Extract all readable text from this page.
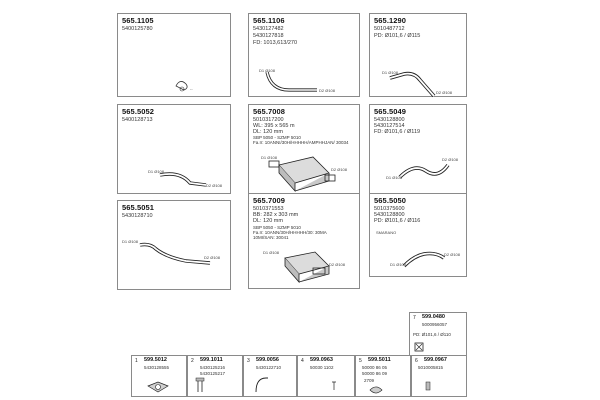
565.1105
5400125780
--
565.1106
5430127482
5430127818
FD: 1013,613/270
D1 Ø108
D2 Ø108
565.1290
5010487712
PD: Ø101,6 / Ø115
D1 Ø108
D2 Ø108
565.5052
5400128713
D1 Ø108
D2 Ø108
565.7008
5010317200
WL: 395 x 565 m
DL: 120 mm
SBP 5050 - SZMP 5010
Fa.Ir: 10ANNI/30H/HHHHH/AMPHHJAN/ 30034
D1 Ø108
D2 Ø108
565.5049
5430128800
5430127514
FD: Ø101,6 / Ø119
D1 Ø108
D2 Ø108
565.5051
5430128710
D1 Ø108
D2 Ø108
565.7009
5010371553
BB: 282 x 303 mm
DL: 120 mm
SBP 5050 - SZMP 5010
Fa.Ir: 10ANN/30H/HHHHH/30: 30MA
10MI/SAN: 30041
D1 Ø108
D2 Ø108
565.5050
5010375600
5430128800
PD: Ø101,6 / Ø116
SMARANO
D1 Ø108
D2 Ø108
7 599.0480
5000956057
PD: Ø101,6 / Ø110
1 599.5012
5430128555
2 599.1011
5430125216
5430125217
3 599.0056
5430122710
4 599.0963
50030 1102
5 599.5011
50000 86 05
50000 86 09
2709
6 599.0967
5010005815
